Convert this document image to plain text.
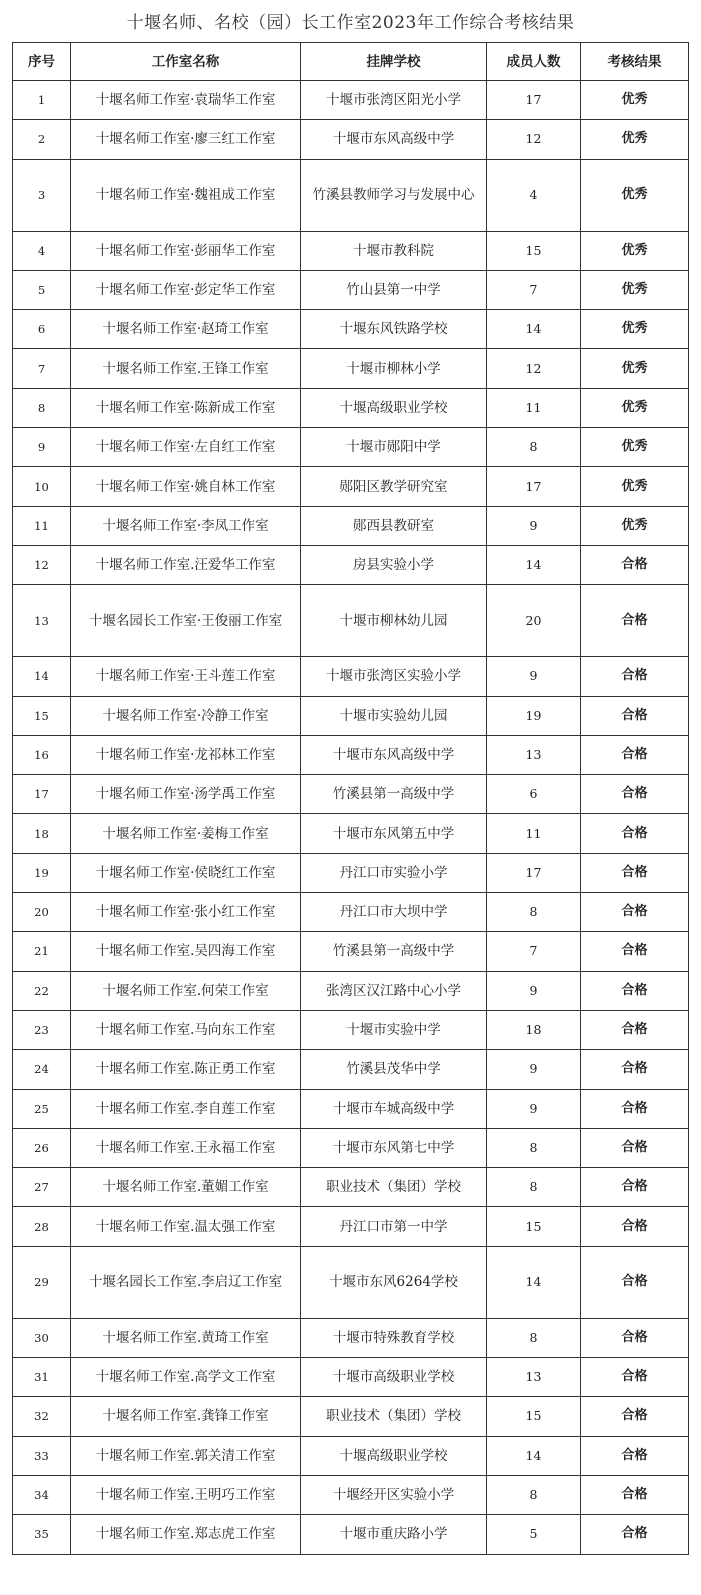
十堰名师、名校（园）长工作室2023年工作综合考核结果
序号	工作室名称	挂牌学校	成员人数	考核结果
1	十堰名师工作室·袁瑞华工作室	十堰市张湾区阳光小学	17	优秀
2	十堰名师工作室·廖三红工作室	十堰市东风高级中学	12	优秀
3	十堰名师工作室·魏祖成工作室	竹溪县教师学习与发展中心	4	优秀
4	十堰名师工作室·彭丽华工作室	十堰市教科院	15	优秀
5	十堰名师工作室·彭定华工作室	竹山县第一中学	7	优秀
6	十堰名师工作室·赵琦工作室	十堰东风铁路学校	14	优秀
7	十堰名师工作室.王锋工作室	十堰市柳林小学	12	优秀
8	十堰名师工作室·陈新成工作室	十堰高级职业学校	11	优秀
9	十堰名师工作室·左自红工作室	十堰市郧阳中学	8	优秀
10	十堰名师工作室·姚自林工作室	郧阳区教学研究室	17	优秀
11	十堰名师工作室·李凤工作室	郧西县教研室	9	优秀
12	十堰名师工作室.汪爱华工作室	房县实验小学	14	合格
13	十堰名园长工作室·王俊丽工作室	十堰市柳林幼儿园	20	合格
14	十堰名师工作室·王斗莲工作室	十堰市张湾区实验小学	9	合格
15	十堰名师工作室·冷静工作室	十堰市实验幼儿园	19	合格
16	十堰名师工作室·龙祁林工作室	十堰市东风高级中学	13	合格
17	十堰名师工作室·汤学禹工作室	竹溪县第一高级中学	6	合格
18	十堰名师工作室·姜梅工作室	十堰市东风第五中学	11	合格
19	十堰名师工作室·侯晓红工作室	丹江口市实验小学	17	合格
20	十堰名师工作室·张小红工作室	丹江口市大坝中学	8	合格
21	十堰名师工作室.吴四海工作室	竹溪县第一高级中学	7	合格
22	十堰名师工作室.何荣工作室	张湾区汉江路中心小学	9	合格
23	十堰名师工作室.马向东工作室	十堰市实验中学	18	合格
24	十堰名师工作室.陈正勇工作室	竹溪县茂华中学	9	合格
25	十堰名师工作室.李自莲工作室	十堰市车城高级中学	9	合格
26	十堰名师工作室.王永福工作室	十堰市东风第七中学	8	合格
27	十堰名师工作室.董媚工作室	职业技术（集团）学校	8	合格
28	十堰名师工作室.温太强工作室	丹江口市第一中学	15	合格
29	十堰名园长工作室.李启辽工作室	十堰市东风6264学校	14	合格
30	十堰名师工作室.黄琦工作室	十堰市特殊教育学校	8	合格
31	十堰名师工作室.高学文工作室	十堰市高级职业学校	13	合格
32	十堰名师工作室.龚锋工作室	职业技术（集团）学校	15	合格
33	十堰名师工作室.郭关清工作室	十堰高级职业学校	14	合格
34	十堰名师工作室.王明巧工作室	十堰经开区实验小学	8	合格
35	十堰名师工作室.郑志虎工作室	十堰市重庆路小学	5	合格
